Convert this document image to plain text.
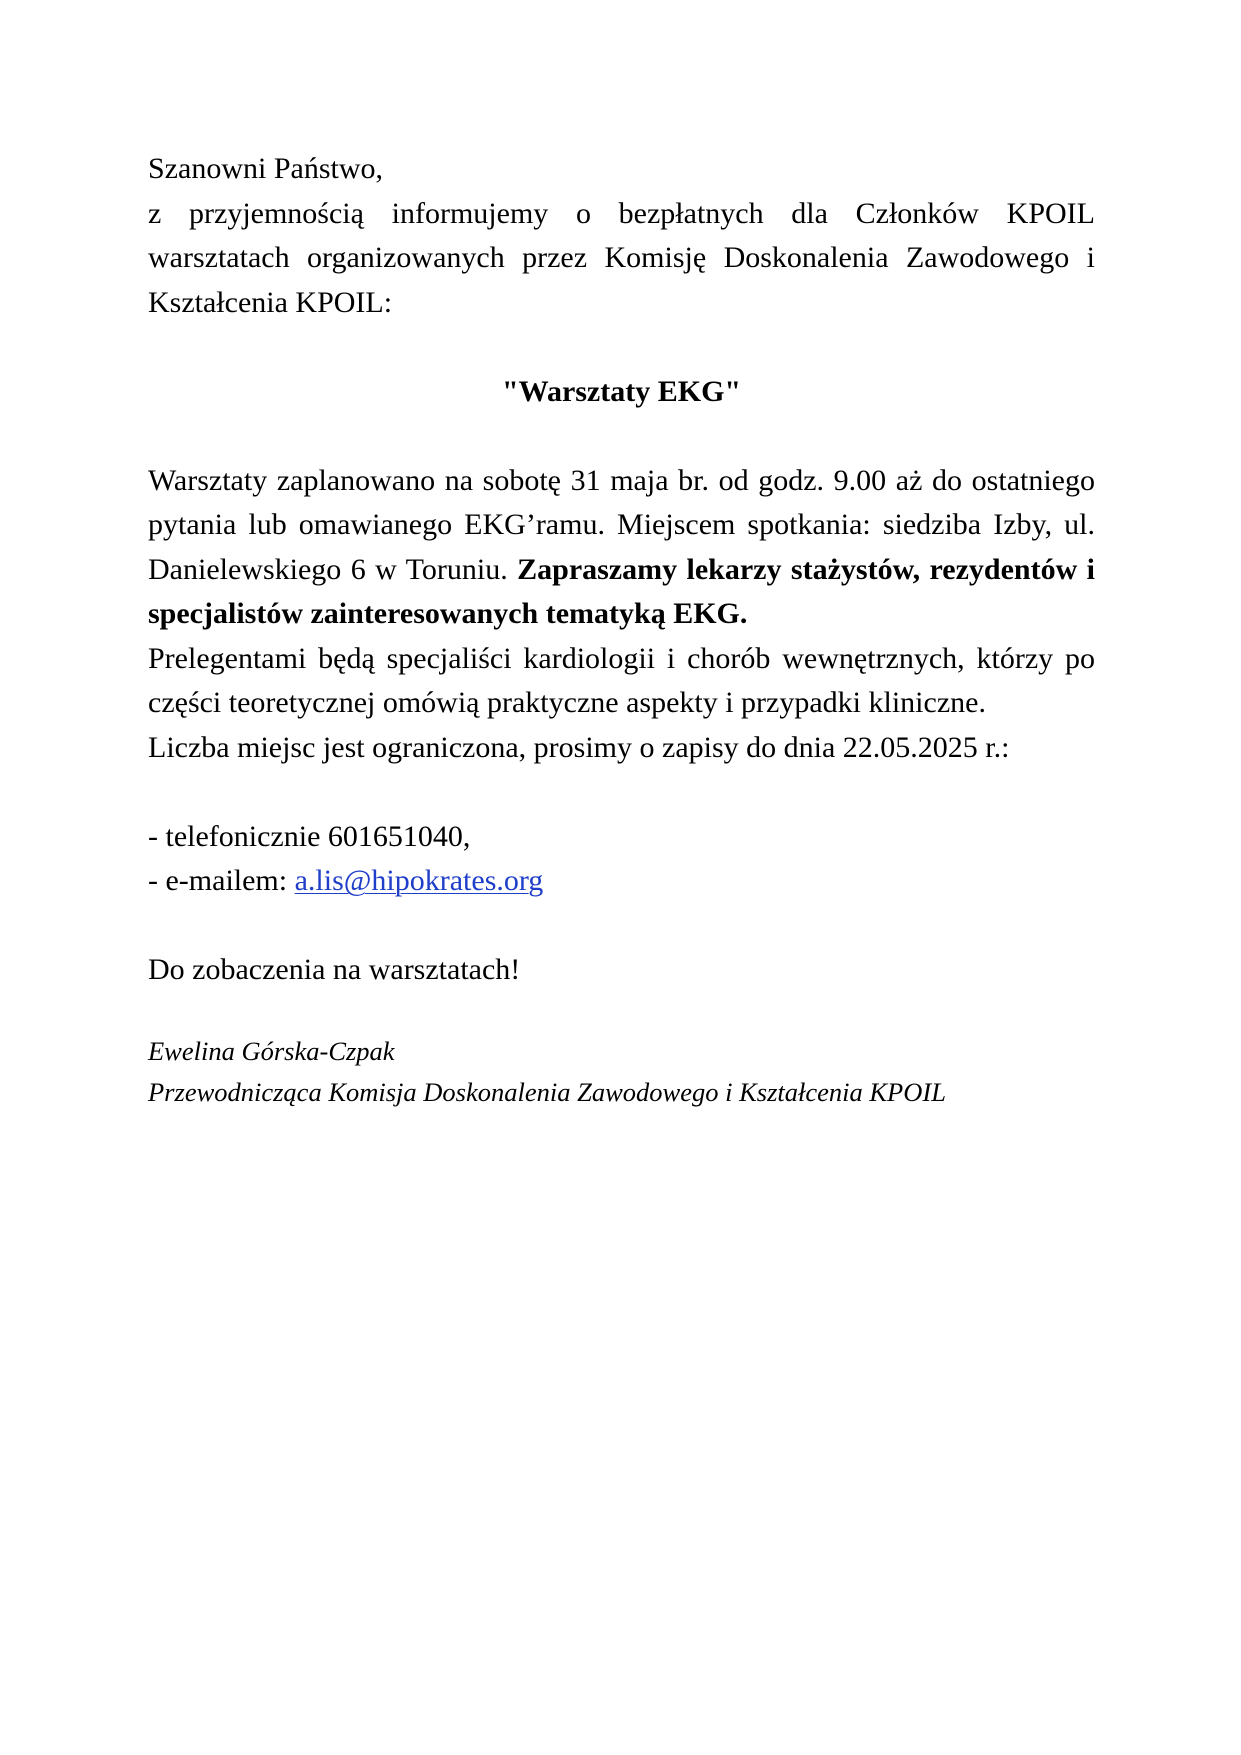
Szanowni Państwo,

z przyjemnością informujemy o bezpłatnych dla Członków KPOIL warsztatach organizowanych przez Komisję Doskonalenia Zawodowego i Kształcenia KPOIL:

"Warsztaty EKG"

Warsztaty zaplanowano na sobotę 31 maja br. od godz. 9.00 aż do ostatniego pytania lub omawianego EKG’ramu. Miejscem spotkania: siedziba Izby, ul. Danielewskiego 6 w Toruniu. Zapraszamy lekarzy stażystów, rezydentów i specjalistów zainteresowanych tematyką EKG.

Prelegentami będą specjaliści kardiologii i chorób wewnętrznych, którzy po części teoretycznej omówią praktyczne aspekty i przypadki kliniczne.

Liczba miejsc jest ograniczona, prosimy o zapisy do dnia 22.05.2025 r.:

- telefonicznie 601651040,

- e-mailem: a.lis@hipokrates.org

Do zobaczenia na warsztatach!

Ewelina Górska-Czpak

Przewodnicząca Komisja Doskonalenia Zawodowego i Kształcenia KPOIL
